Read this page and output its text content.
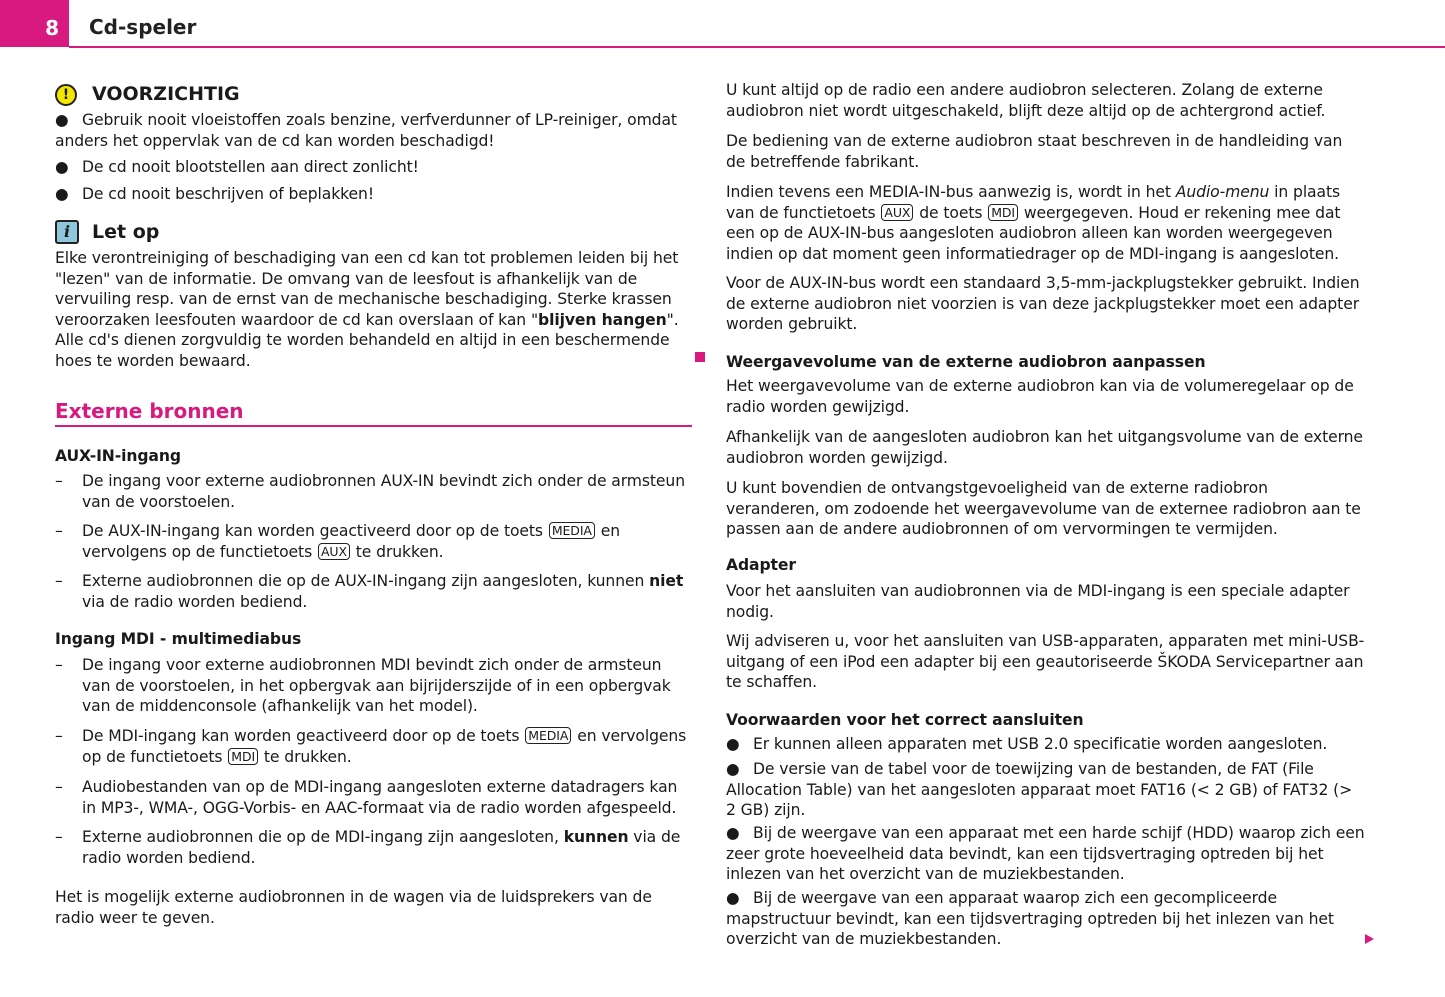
8	Cd-speler
!	VOORZICHTIG
● Gebruik nooit vloeistoffen zoals benzine, verfverdunner of LP-reiniger, omdat anders het oppervlak van de cd kan worden beschadigd!
● De cd nooit blootstellen aan direct zonlicht!
● De cd nooit beschrijven of beplakken!
i	Let op
Elke verontreiniging of beschadiging van een cd kan tot problemen leiden bij het "lezen" van de informatie. De omvang van de leesfout is afhankelijk van de vervuiling resp. van de ernst van de mechanische beschadiging. Sterke krassen veroorzaken leesfouten waardoor de cd kan overslaan of kan "blijven hangen". Alle cd's dienen zorgvuldig te worden behandeld en altijd in een beschermende hoes te worden bewaard.
Externe bronnen
AUX-IN-ingang
– De ingang voor externe audiobronnen AUX-IN bevindt zich onder de armsteun van de voorstoelen.
– De AUX-IN-ingang kan worden geactiveerd door op de toets MEDIA en vervolgens op de functietoets AUX te drukken.
– Externe audiobronnen die op de AUX-IN-ingang zijn aangesloten, kunnen niet via de radio worden bediend.
Ingang MDI - multimediabus
– De ingang voor externe audiobronnen MDI bevindt zich onder de armsteun van de voorstoelen, in het opbergvak aan bijrijderszijde of in een opbergvak van de middenconsole (afhankelijk van het model).
– De MDI-ingang kan worden geactiveerd door op de toets MEDIA en vervolgens op de functietoets MDI te drukken.
– Audiobestanden van op de MDI-ingang aangesloten externe datadragers kan in MP3-, WMA-, OGG-Vorbis- en AAC-formaat via de radio worden afgespeeld.
– Externe audiobronnen die op de MDI-ingang zijn aangesloten, kunnen via de radio worden bediend.
Het is mogelijk externe audiobronnen in de wagen via de luidsprekers van de radio weer te geven.
U kunt altijd op de radio een andere audiobron selecteren. Zolang de externe audiobron niet wordt uitgeschakeld, blijft deze altijd op de achtergrond actief.
De bediening van de externe audiobron staat beschreven in de handleiding van de betreffende fabrikant.
Indien tevens een MEDIA-IN-bus aanwezig is, wordt in het Audio-menu in plaats van de functietoets AUX de toets MDI weergegeven. Houd er rekening mee dat een op de AUX-IN-bus aangesloten audiobron alleen kan worden weergegeven indien op dat moment geen informatiedrager op de MDI-ingang is aangesloten.
Voor de AUX-IN-bus wordt een standaard 3,5-mm-jackplugstekker gebruikt. Indien de externe audiobron niet voorzien is van deze jackplugstekker moet een adapter worden gebruikt.
Weergavevolume van de externe audiobron aanpassen
Het weergavevolume van de externe audiobron kan via de volumeregelaar op de radio worden gewijzigd.
Afhankelijk van de aangesloten audiobron kan het uitgangsvolume van de externe audiobron worden gewijzigd.
U kunt bovendien de ontvangstgevoeligheid van de externe radiobron veranderen, om zodoende het weergavevolume van de externee radiobron aan te passen aan de andere audiobronnen of om vervormingen te vermijden.
Adapter
Voor het aansluiten van audiobronnen via de MDI-ingang is een speciale adapter nodig.
Wij adviseren u, voor het aansluiten van USB-apparaten, apparaten met mini-USB-uitgang of een iPod een adapter bij een geautoriseerde ŠKODA Servicepartner aan te schaffen.
Voorwaarden voor het correct aansluiten
● Er kunnen alleen apparaten met USB 2.0 specificatie worden aangesloten.
● De versie van de tabel voor de toewijzing van de bestanden, de FAT (File Allocation Table) van het aangesloten apparaat moet FAT16 (< 2 GB) of FAT32 (> 2 GB) zijn.
● Bij de weergave van een apparaat met een harde schijf (HDD) waarop zich een zeer grote hoeveelheid data bevindt, kan een tijdsvertraging optreden bij het inlezen van het overzicht van de muziekbestanden.
● Bij de weergave van een apparaat waarop zich een gecompliceerde mapstructuur bevindt, kan een tijdsvertraging optreden bij het inlezen van het overzicht van de muziekbestanden.
